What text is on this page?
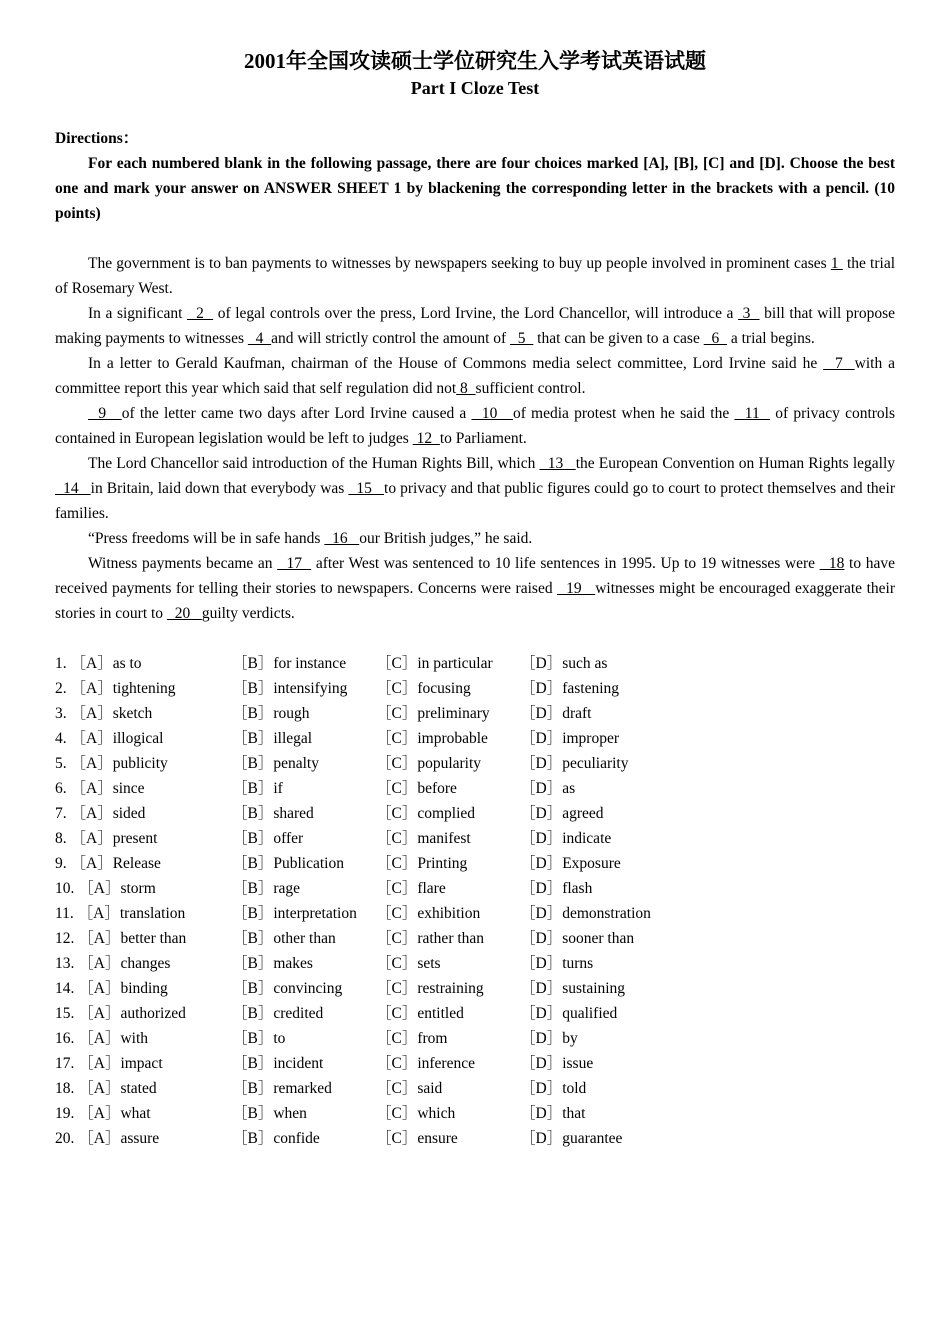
2001年全国攻读硕士学位研究生入学考试英语试题
Part I Cloze Test
Directions：
For each numbered blank in the following passage, there are four choices marked [A], [B], [C] and [D]. Choose the best one and mark your answer on ANSWER SHEET 1 by blackening the corresponding letter in the brackets with a pencil. (10 points)

The government is to ban payments to witnesses by newspapers seeking to buy up people involved in prominent cases 1  the trial of Rosemary West.

In a significant   2   of legal controls over the press, Lord Irvine, the Lord Chancellor, will introduce a  3   bill that will propose making payments to witnesses   4  and will strictly control the amount of   5   that can be given to a case   6   a trial begins.

In a letter to Gerald Kaufman, chairman of the House of Commons media select committee, Lord Irvine said he   7  with a committee report this year which said that self regulation did not 8  sufficient control.

9   of the letter came two days after Lord Irvine caused a   10   of media protest when he said the   11   of privacy controls contained in European legislation would be left to judges  12  to Parliament.

The Lord Chancellor said introduction of the Human Rights Bill, which   13   the European Convention on Human Rights legally   14   in Britain, laid down that everybody was   15   to privacy and that public figures could go to court to protect themselves and their families.

“Press freedoms will be in safe hands   16   our British judges,” he said.

Witness payments became an   17   after West was sentenced to 10 life sentences in 1995. Up to 19 witnesses were   18 to have received payments for telling their stories to newspapers. Concerns were raised   19   witnesses might be encouraged exaggerate their stories in court to   20   guilty verdicts.

1. ［A］as to	［B］for instance ［C］in particular ［D］such as
2. ［A］tightening	［B］intensifying ［C］focusing	［D］fastening
3. ［A］sketch	［B］rough	［C］preliminary ［D］draft
4. ［A］illogical	［B］illegal	［C］improbable ［D］improper
5. ［A］publicity	［B］penalty	［C］popularity	［D］peculiarity
6. ［A］since	［B］if	［C］before	［D］as
7. ［A］sided	［B］shared	［C］complied	［D］agreed
8. ［A］present	［B］offer	［C］manifest	［D］indicate
9. ［A］Release	［B］Publication ［C］Printing	［D］Exposure
10. ［A］storm	［B］rage	［C］flare	［D］flash
11. ［A］translation	［B］interpretation ［C］exhibition	［D］demonstration
12. ［A］better than	［B］other than	［C］rather than ［D］sooner than
13. ［A］changes	［B］makes	［C］sets	［D］turns
14. ［A］binding	［B］convincing ［C］restraining ［D］sustaining
15. ［A］authorized	［B］credited	［C］entitled	［D］qualified
16. ［A］with	［B］to	［C］from	［D］by
17. ［A］impact	［B］incident	［C］inference	［D］issue
18. ［A］stated	［B］remarked	［C］said	［D］told
19. ［A］what	［B］when	［C］which	［D］that
20. ［A］assure	［B］confide	［C］ensure	［D］guarantee
